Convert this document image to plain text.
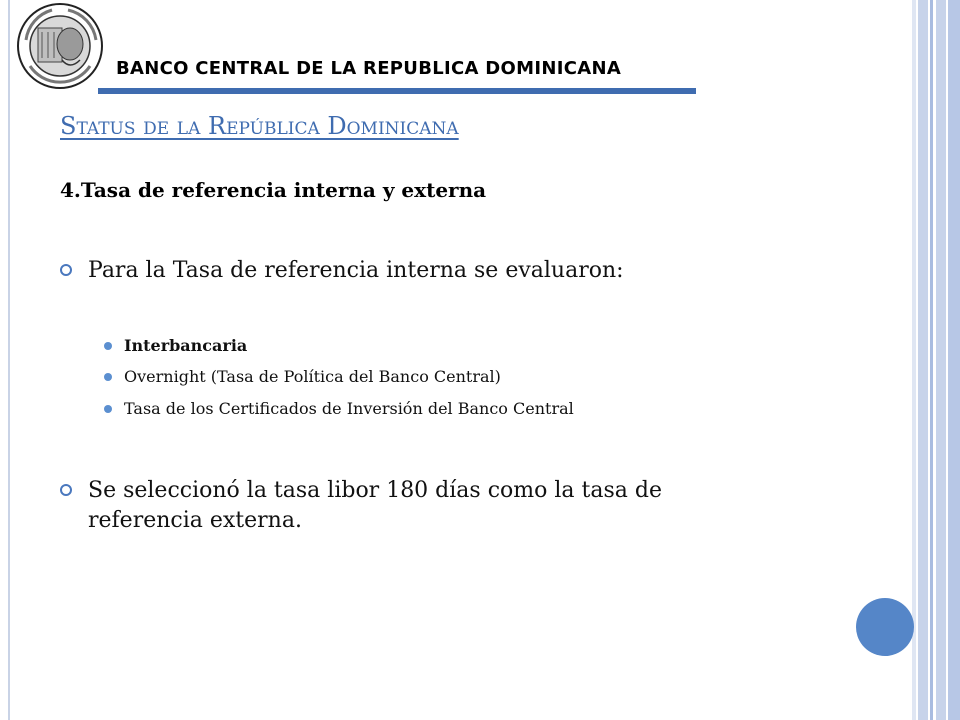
BANCO CENTRAL DE LA REPUBLICA DOMINICANA
Status de la República Dominicana
4.Tasa de referencia interna y externa
Para la Tasa de referencia interna se evaluaron:
Interbancaria
Overnight (Tasa de Política del Banco Central)
Tasa de los Certificados de Inversión del Banco Central
Se seleccionó la tasa libor 180 días como la tasa de referencia externa.
